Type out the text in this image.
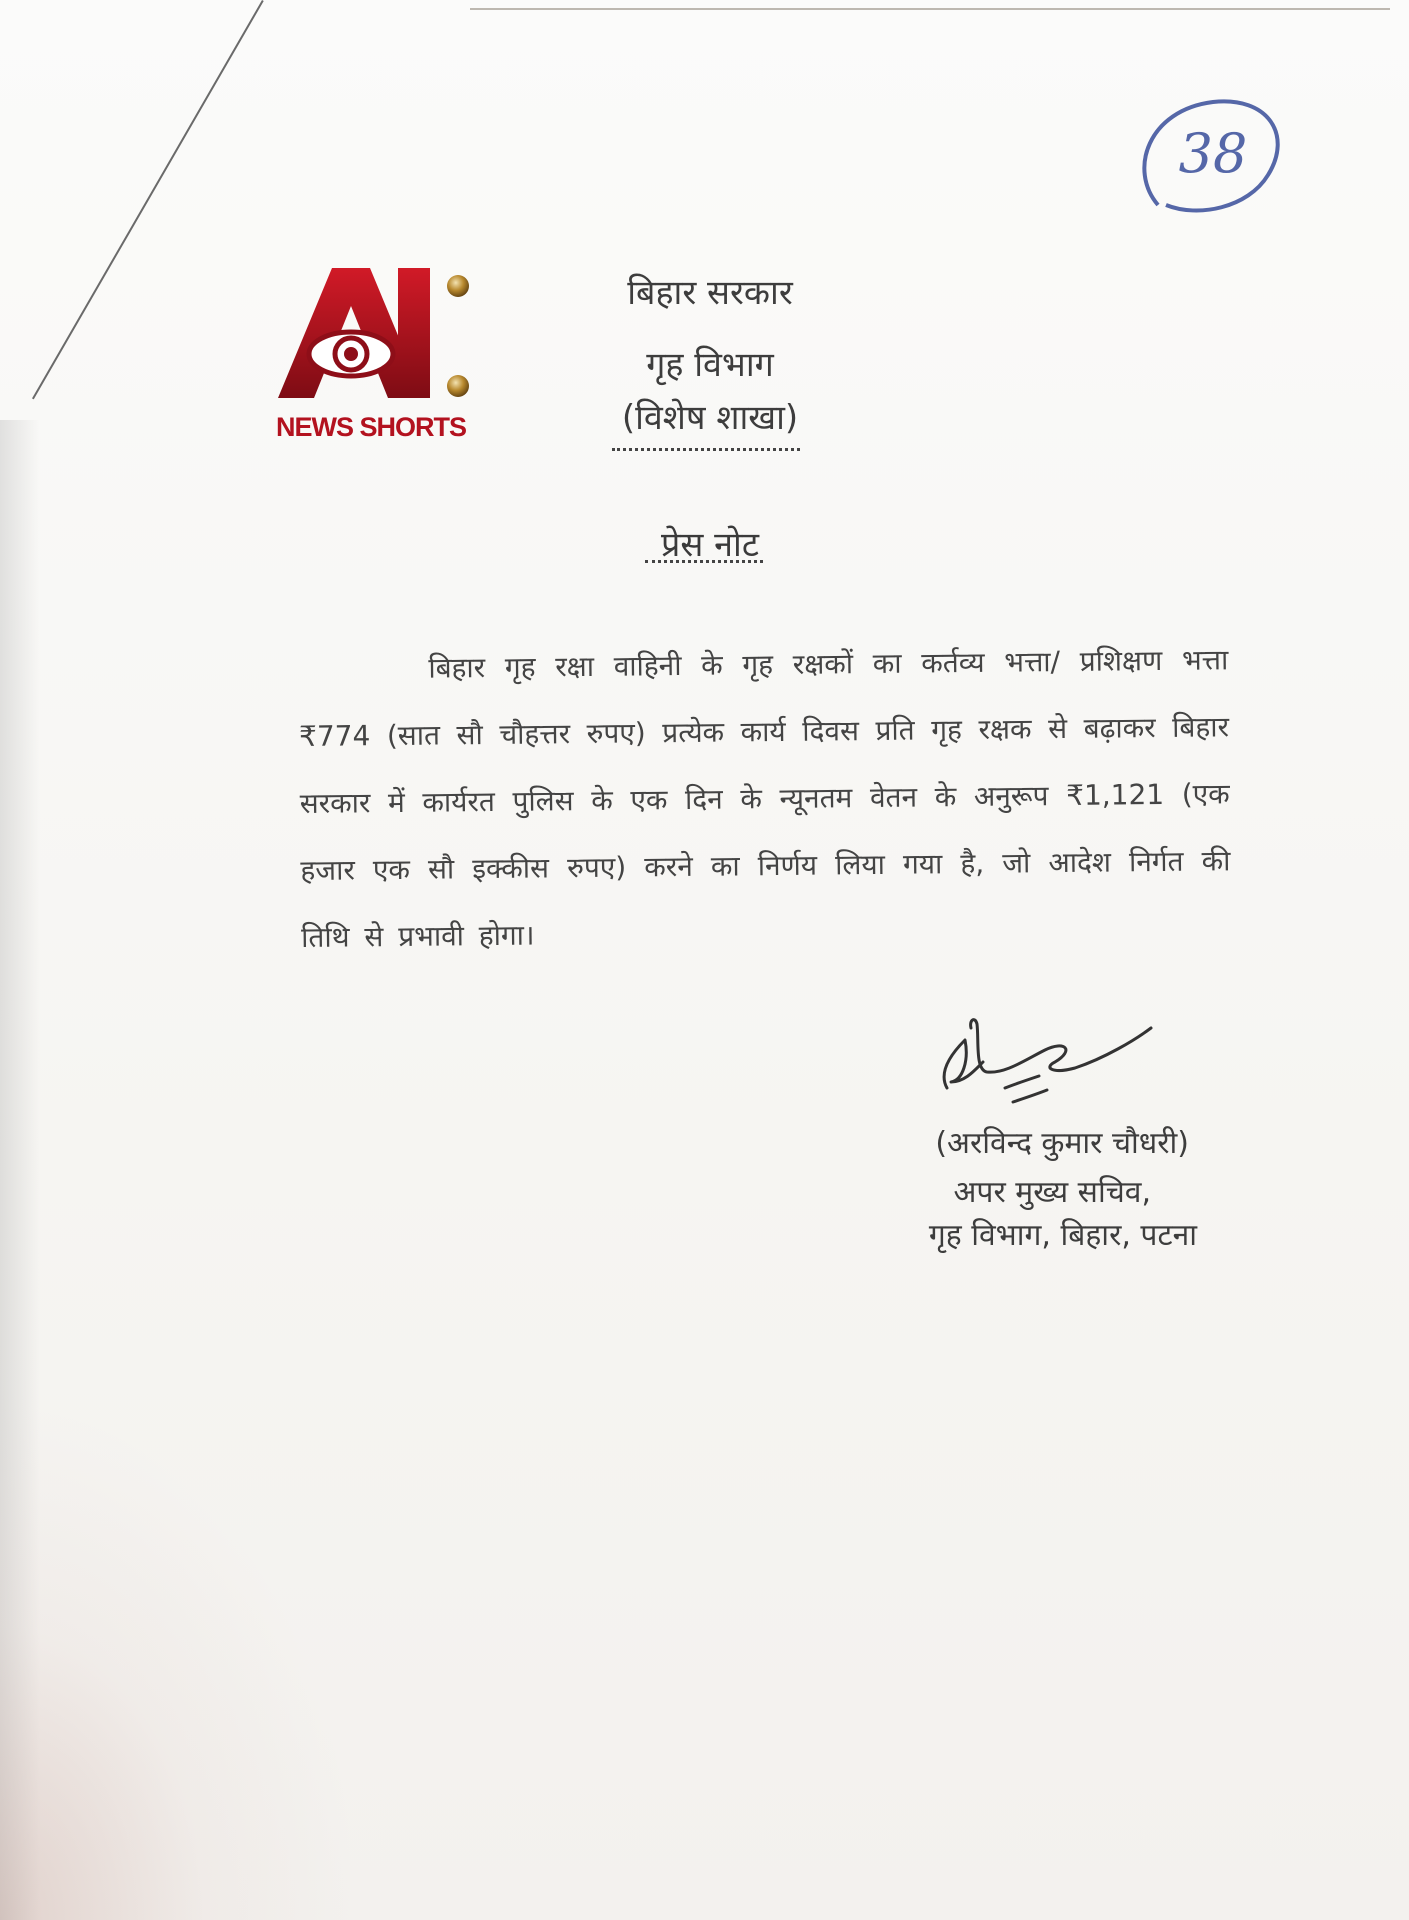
38
NEWS SHORTS
बिहार सरकार
गृह विभाग
(विशेष शाखा)
प्रेस नोट
बिहार गृह रक्षा वाहिनी के गृह रक्षकों का कर्तव्य भत्ता/ प्रशिक्षण भत्ता ₹774 (सात सौ चौहत्तर रुपए) प्रत्येक कार्य दिवस प्रति गृह रक्षक से बढ़ाकर बिहार सरकार में कार्यरत पुलिस के एक दिन के न्यूनतम वेतन के अनुरूप ₹1,121 (एक हजार एक सौ इक्कीस रुपए) करने का निर्णय लिया गया है, जो आदेश निर्गत की तिथि से प्रभावी होगा।
(अरविन्द कुमार चौधरी)
अपर मुख्य सचिव,
गृह विभाग, बिहार, पटना
